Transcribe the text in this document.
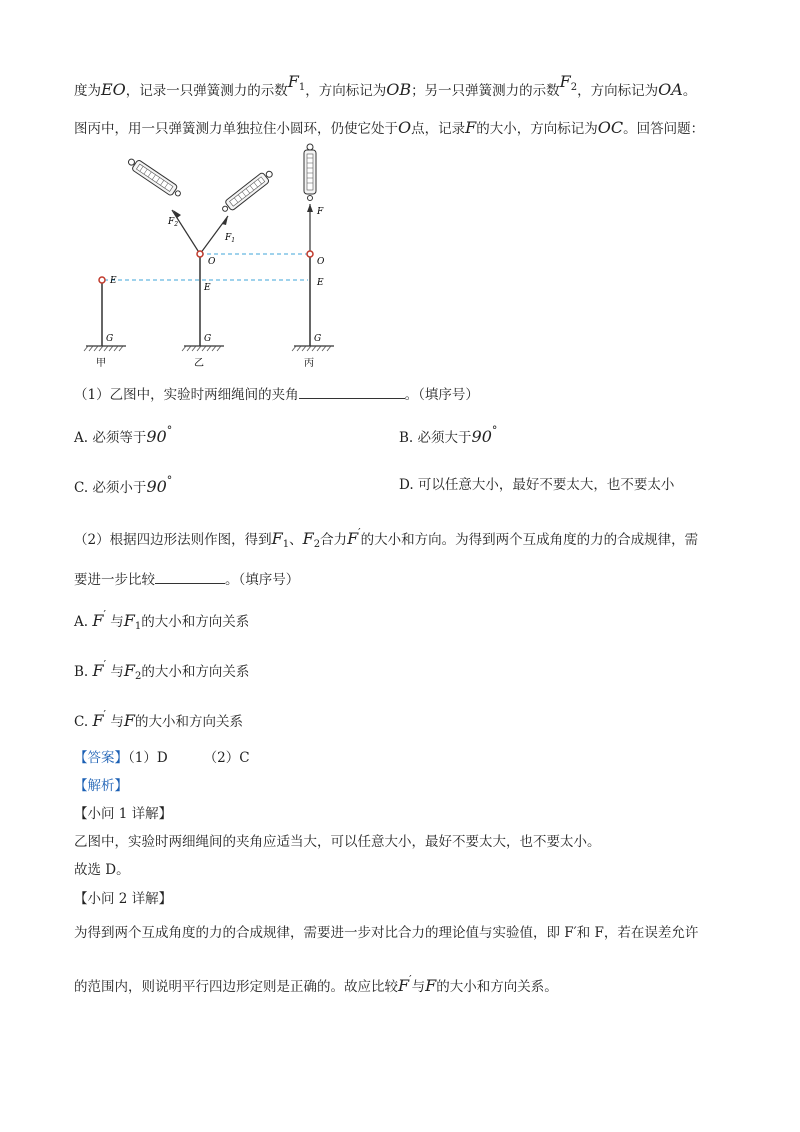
度为EO，记录一只弹簧测力的示数$F_1$，方向标记为OB；另一只弹簧测力的示数$F_2$，方向标记为OA。
图丙中，用一只弹簧测力单独拉住小圆环，仍使它处于O点，记录F的大小，方向标记为OC。回答问题：
E
G
甲
$F_2$
$F_1$
O
E
G
乙
F
O
E
G
丙
（1）乙图中，实验时两细绳间的夹角	。（填序号）
A. 必须等于90°	B. 必须大于90°
C. 必须小于90°	D. 可以任意大小，最好不要太大，也不要太小
（2）根据四边形法则作图，得到$F_1$、$F_2$合力F′的大小和方向。为得到两个互成角度的力的合成规律，需
要进一步比较	。（填序号）
A. F′ 与$F_1$的大小和方向关系
B. F′ 与$F_2$的大小和方向关系
C. F′ 与F的大小和方向关系
【答案】（1）D	（2）C
【解析】
【小问 1 详解】
乙图中，实验时两细绳间的夹角应适当大，可以任意大小，最好不要太大，也不要太小。
故选 D。
【小问 2 详解】
为得到两个互成角度的力的合成规律，需要进一步对比合力的理论值与实验值，即 F′和 F，若在误差允许
的范围内，则说明平行四边形定则是正确的。故应比较F′与F的大小和方向关系。
